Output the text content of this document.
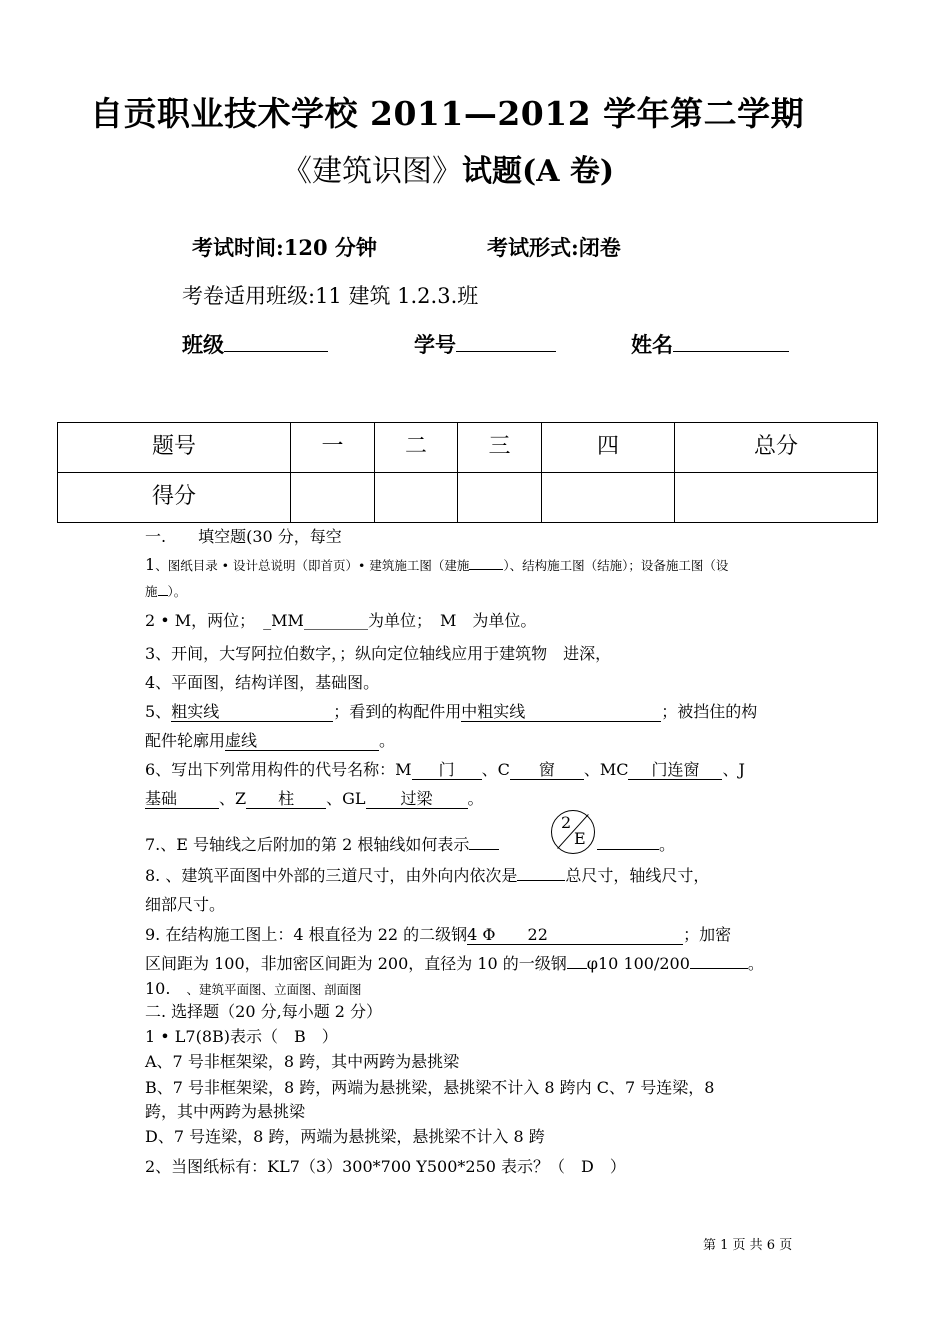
自贡职业技术学校 2011—2012 学年第二学期
《建筑识图》试题(A 卷)
考试时间:120 分钟	考试形式:闭卷
考卷适用班级:11 建筑 1.2.3.班
班级	学号	姓名
题号	一	二	三	四	总分
得分					
一.　　填空题(30 分，每空
1、图纸目录 • 设计总说明（即首页）• 建筑施工图（建施	）、结构施工图（结施）；设备施工图（设
施 ）。
2 • M，两位；　_MM________为单位；　M　为单位。
3、开间，大写阿拉伯数字，；纵向定位轴线应用于建筑物　进深，
4、平面图，结构详图，基础图。
5、粗实线	；看到的构配件用中粗实线	；被挡住的构
配件轮廓用虚线	。
6、写出下列常用构件的代号名称：M 门 、C 窗 、MC 门连窗 、J
基础	、Z 柱 、GL 过梁 。
7.、E 号轴线之后附加的第 2 根轴线如何表示
2
E	。
8. 、建筑平面图中外部的三道尺寸，由外向内依次是	总尺寸，轴线尺寸，
细部尺寸。
9. 在结构施工图上：4 根直径为 22 的二级钢4 Φ　　22	；加密
区间距为 100，非加密区间距为 200，直径为 10 的一级钢 φ10 100/200	。
10.　 、建筑平面图、立面图、剖面图
二. 选择题（20 分,每小题 2 分）
1 • L7(8B)表示（　B　）
A、7 号非框架梁，8 跨，其中两跨为悬挑梁
B、7 号非框架梁，8 跨，两端为悬挑梁，悬挑梁不计入 8 跨内 C、7 号连梁，8
跨，其中两跨为悬挑梁
D、7 号连梁，8 跨，两端为悬挑梁，悬挑梁不计入 8 跨
2、当图纸标有：KL7（3）300*700 Y500*250 表示？（　D　）
第 1 页 共 6 页
